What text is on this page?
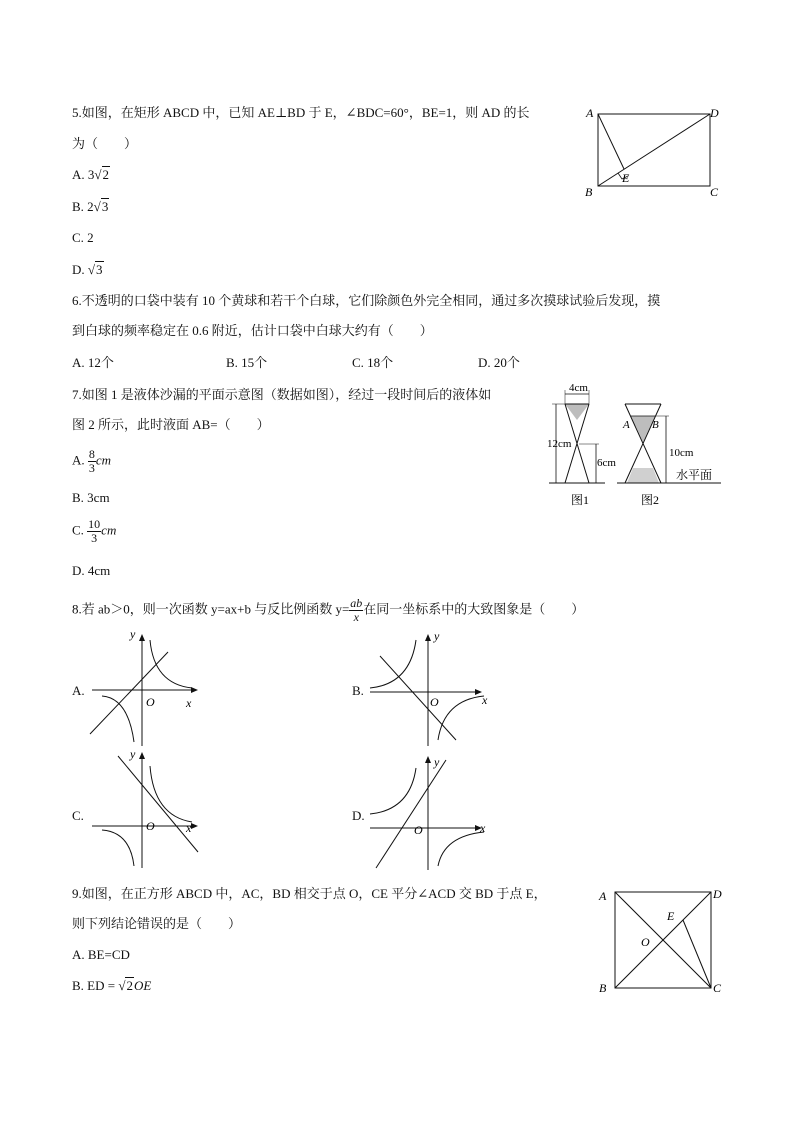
5.如图，在矩形 ABCD 中，已知 AE⊥BD 于 E，∠BDC=60°，BE=1，则 AD 的长
为（　　）
A. 3√2
B. 2√3
C. 2
D. √3
A
B	C
D
E
6.不透明的口袋中装有 10 个黄球和若干个白球，它们除颜色外完全相同，通过多次摸球试验后发现，摸
到白球的频率稳定在 0.6 附近，估计口袋中白球大约有（　　）
A. 12个	B. 15个	C. 18个	D. 20个
7.如图 1 是液体沙漏的平面示意图（数据如图），经过一段时间后的液体如
图 2 所示，此时液面 AB=（　　）
A. $\frac{8}{3}$ cm
B. 3cm
C. $\frac{10}{3}$ cm
D. 4cm
4cm
12cm
6cm
图1
10cm
A B
水平面
图2
8.若 ab＞0，则一次函数 y=ax+b 与反比例函数 $y= \frac{ab}{x}$ 在同一坐标系中的大致图象是（　　）
A.
O	x
y
B.
O	x
y
C.
O	x
y
D.
O	x
y
9.如图，在正方形 ABCD 中，AC，BD 相交于点 O，CE 平分∠ACD 交 BD 于点 E，
则下列结论错误的是（　　）
A. BE=CD
B. ED = √2OE
A
B	C
D
E
O
